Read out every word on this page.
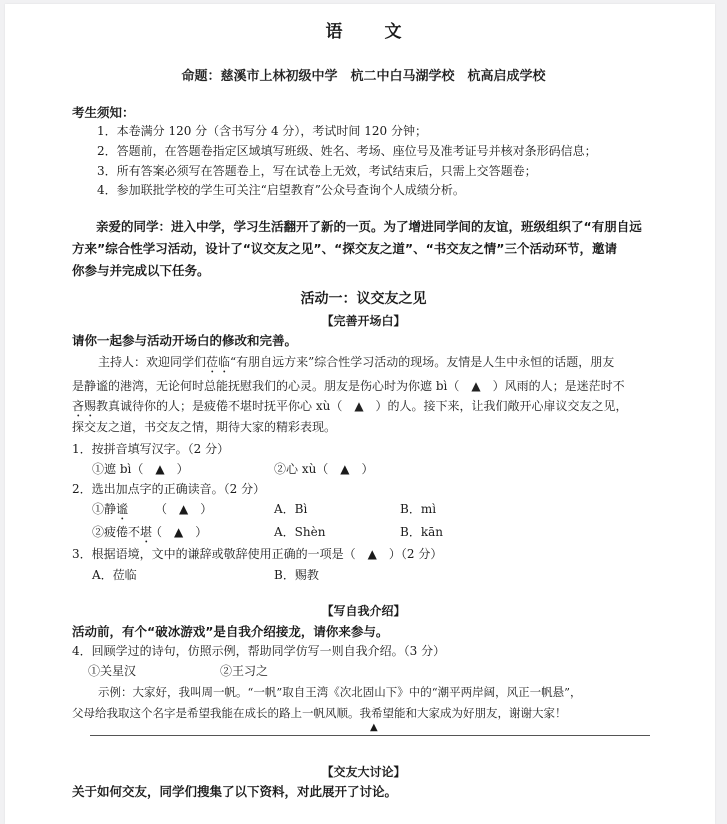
语 文
命题：慈溪市上林初级中学　杭二中白马湖学校　杭高启成学校
考生须知：
1．本卷满分 120 分（含书写分 4 分），考试时间 120 分钟；
2．答题前，在答题卷指定区域填写班级、姓名、考场、座位号及准考证号并核对条形码信息；
3．所有答案必须写在答题卷上，写在试卷上无效，考试结束后，只需上交答题卷；
4．参加联批学校的学生可关注“启望教育”公众号查询个人成绩分析。
亲爱的同学：进入中学，学习生活翻开了新的一页。为了增进同学间的友谊，班级组织了“有朋自远
方来”综合性学习活动，设计了“议交友之见”、“探交友之道”、“书交友之情”三个活动环节，邀请
你参与并完成以下任务。
活动一：议交友之见
【完善开场白】
请你一起参与活动开场白的修改和完善。
主持人：欢迎同学们莅临“有朋自远方来”综合性学习活动的现场。友情是人生中永恒的话题，朋友
是静谧的港湾，无论何时总能抚慰我们的心灵。朋友是伤心时为你遮 bì（　▲　）风雨的人；是迷茫时不
吝赐教真诚待你的人；是疲倦不堪时抚平你心 xù（　▲　）的人。接下来，让我们敞开心扉议交友之见，
探交友之道，书交友之情，期待大家的精彩表现。
1．按拼音填写汉字。（2 分）
①遮 bì（　▲　）	②心 xù（　▲　）
2．选出加点字的正确读音。（2 分）
①静谧 （　▲　）	A．Bì	B．mì
②疲倦不堪
（　▲　）	A．Shèn	B．kān
3．根据语境，文中的谦辞或敬辞使用正确的一项是（　▲　）（2 分）
A．莅临	B．赐教
【写自我介绍】
活动前，有个“破冰游戏”是自我介绍接龙，请你来参与。
4．回顾学过的诗句，仿照示例，帮助同学仿写一则自我介绍。（3 分）
①关星汉	②王习之
示例：大家好，我叫周一帆。“一帆”取自王湾《次北固山下》中的“潮平两岸阔，风正一帆悬”，
父母给我取这个名字是希望我能在成长的路上一帆风顺。我希望能和大家成为好朋友，谢谢大家！
▲
【交友大讨论】
关于如何交友，同学们搜集了以下资料，对此展开了讨论。
